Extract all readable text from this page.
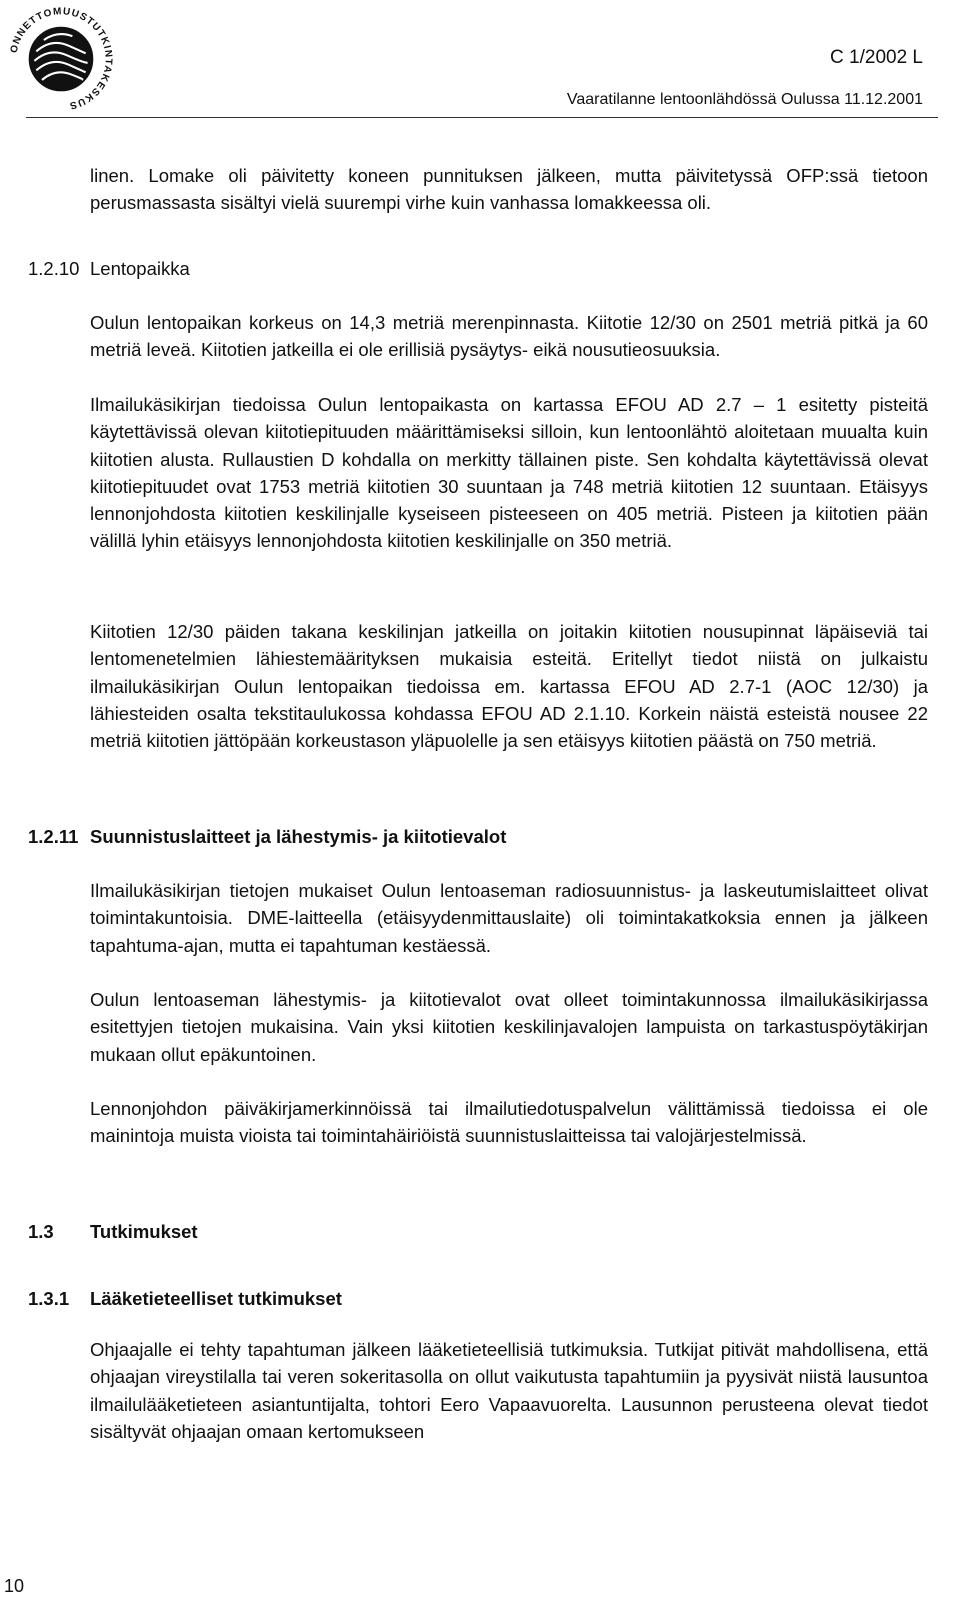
ONNETTOMUUSTUTKINTAKESKUS
C 1/2002 L
Vaaratilanne lentoonlähdössä Oulussa 11.12.2001

linen. Lomake oli päivitetty koneen punnituksen jälkeen, mutta päivitetyssä OFP:ssä tietoon perusmassasta sisältyi vielä suurempi virhe kuin vanhassa lomakkeessa oli.

1.2.10 Lentopaikka

Oulun lentopaikan korkeus on 14,3 metriä merenpinnasta. Kiitotie 12/30 on 2501 metriä pitkä ja 60 metriä leveä. Kiitotien jatkeilla ei ole erillisiä pysäytys- eikä nousutieosuuksia.

Ilmailukäsikirjan tiedoissa Oulun lentopaikasta on kartassa EFOU AD 2.7 – 1 esitetty pisteitä käytettävissä olevan kiitotiepituuden määrittämiseksi silloin, kun lentoonlähtö aloitetaan muualta kuin kiitotien alusta. Rullaustien D kohdalla on merkitty tällainen piste. Sen kohdalta käytettävissä olevat kiitotiepituudet ovat 1753 metriä kiitotien 30 suuntaan ja 748 metriä kiitotien 12 suuntaan. Etäisyys lennonjohdosta kiitotien keskilinjalle kyseiseen pisteeseen on 405 metriä. Pisteen ja kiitotien pään välillä lyhin etäisyys lennonjohdosta kiitotien keskilinjalle on 350 metriä.

Kiitotien 12/30 päiden takana keskilinjan jatkeilla on joitakin kiitotien nousupinnat läpäiseviä tai lentomenetelmien lähiestemäärityksen mukaisia esteitä. Eritellyt tiedot niistä on julkaistu ilmailukäsikirjan Oulun lentopaikan tiedoissa em. kartassa EFOU AD 2.7-1 (AOC 12/30) ja lähiesteiden osalta tekstitaulukossa kohdassa EFOU AD 2.1.10. Korkein näistä esteistä nousee 22 metriä kiitotien jättöpään korkeustason yläpuolelle ja sen etäisyys kiitotien päästä on 750 metriä.

1.2.11 Suunnistuslaitteet ja lähestymis- ja kiitotievalot

Ilmailukäsikirjan tietojen mukaiset Oulun lentoaseman radiosuunnistus- ja laskeutumislaitteet olivat toimintakuntoisia. DME-laitteella (etäisyydenmittauslaite) oli toimintakatkoksia ennen ja jälkeen tapahtuma-ajan, mutta ei tapahtuman kestäessä.

Oulun lentoaseman lähestymis- ja kiitotievalot ovat olleet toimintakunnossa ilmailukäsikirjassa esitettyjen tietojen mukaisina. Vain yksi kiitotien keskilinjavalojen lampuista on tarkastuspöytäkirjan mukaan ollut epäkuntoinen.

Lennonjohdon päiväkirjamerkinnöissä tai ilmailutiedotuspalvelun välittämissä tiedoissa ei ole mainintoja muista vioista tai toimintahäiriöistä suunnistuslaitteissa tai valojärjestelmissä.

1.3 Tutkimukset
1.3.1 Lääketieteelliset tutkimukset

Ohjaajalle ei tehty tapahtuman jälkeen lääketieteellisiä tutkimuksia. Tutkijat pitivät mahdollisena, että ohjaajan vireystilalla tai veren sokeritasolla on ollut vaikutusta tapahtumiin ja pyysivät niistä lausuntoa ilmailulääketieteen asiantuntijalta, tohtori Eero Vapaavuorelta. Lausunnon perusteena olevat tiedot sisältyvät ohjaajan omaan kertomukseen

10
